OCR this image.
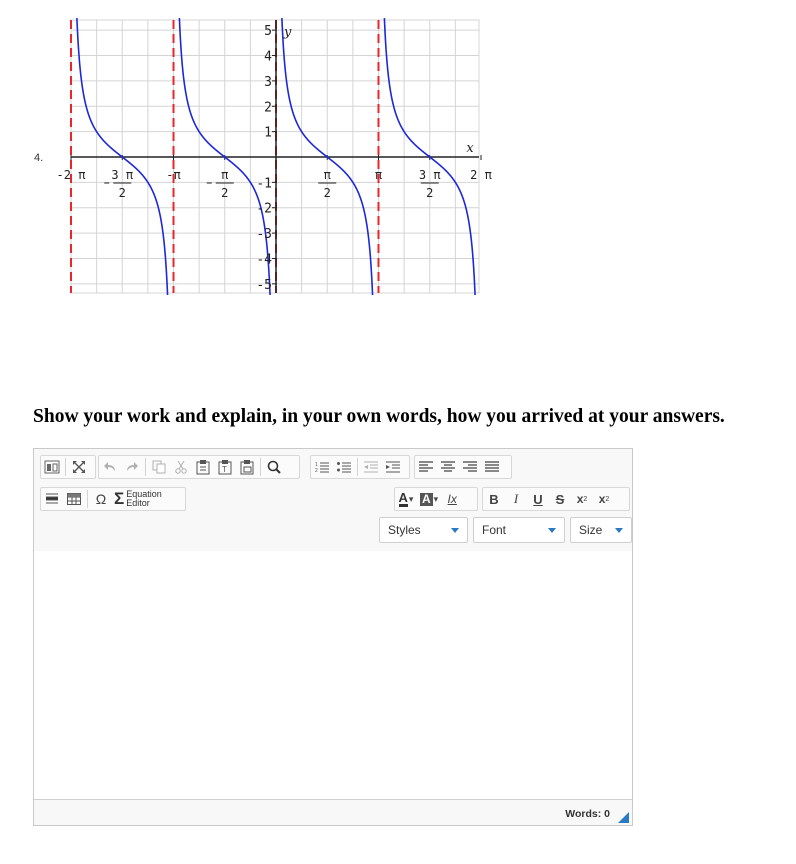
4.
5
4
3
2
1
-1
-2
-3
-4
-5
-2 π 3 π
2
-π	π
2
π
2
π	3 π
2
2 π
x
y
Show your work and explain, in your own words, how you arrived at your answers.
T	1
2
Ω Σ Equation
Editor	A ▾ A ▾ Ix	B	I	U S	x 2 x 2
Styles	Font	Size
Words: 0
